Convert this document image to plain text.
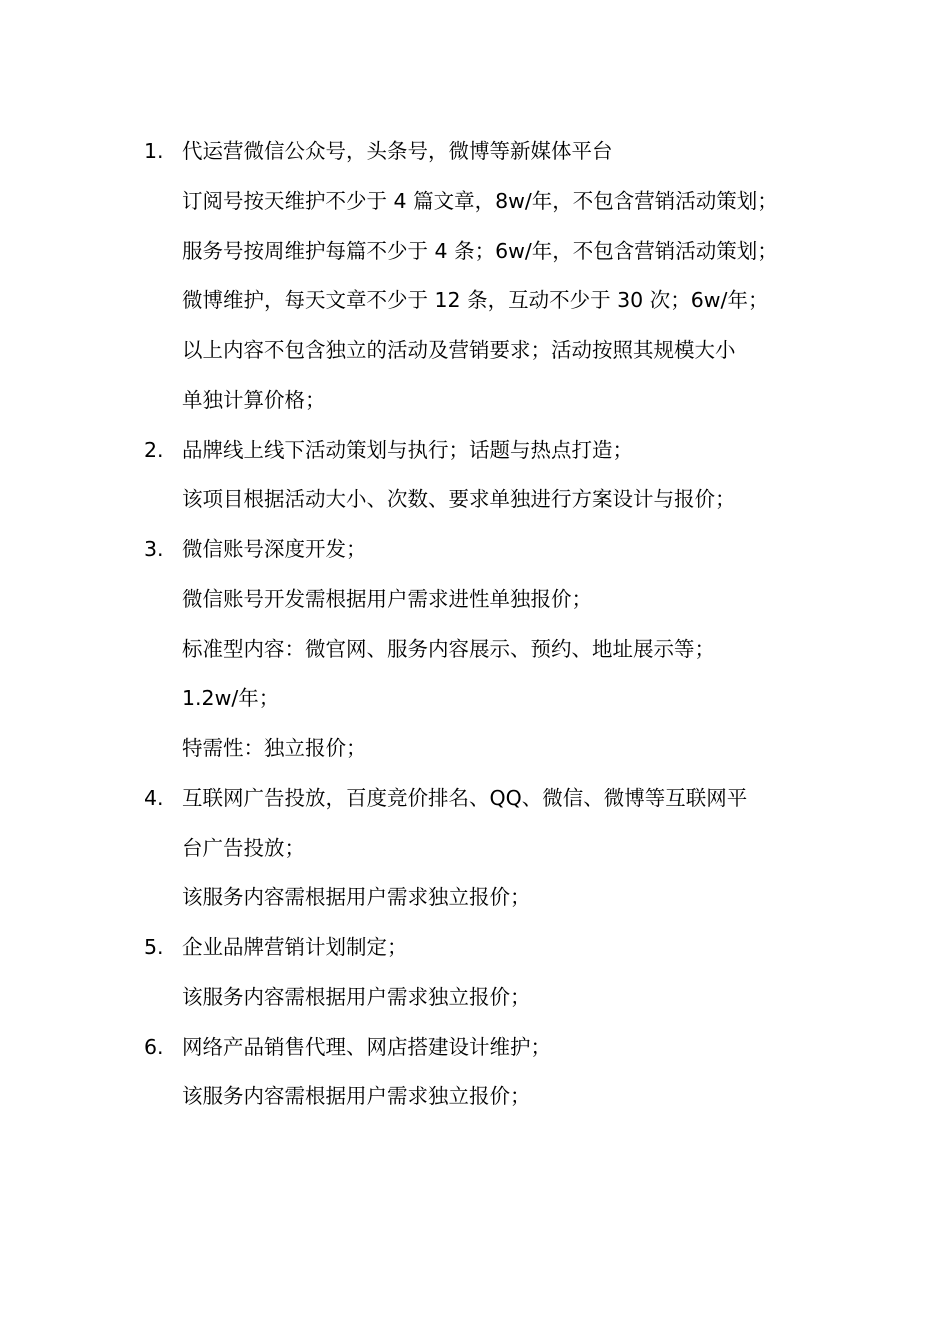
1. 代运营微信公众号，头条号，微博等新媒体平台
订阅号按天维护不少于 4 篇文章，8w/年，不包含营销活动策划；
服务号按周维护每篇不少于 4 条；6w/年，不包含营销活动策划；
微博维护，每天文章不少于 12 条，互动不少于 30 次；6w/年；
以上内容不包含独立的活动及营销要求；活动按照其规模大小
单独计算价格；
2. 品牌线上线下活动策划与执行；话题与热点打造；
该项目根据活动大小、次数、要求单独进行方案设计与报价；
3. 微信账号深度开发；
微信账号开发需根据用户需求进性单独报价；
标准型内容：微官网、服务内容展示、预约、地址展示等；
1.2w/年；
特需性：独立报价；
4. 互联网广告投放，百度竞价排名、QQ、微信、微博等互联网平
台广告投放；
该服务内容需根据用户需求独立报价；
5. 企业品牌营销计划制定；
该服务内容需根据用户需求独立报价；
6. 网络产品销售代理、网店搭建设计维护；
该服务内容需根据用户需求独立报价；
